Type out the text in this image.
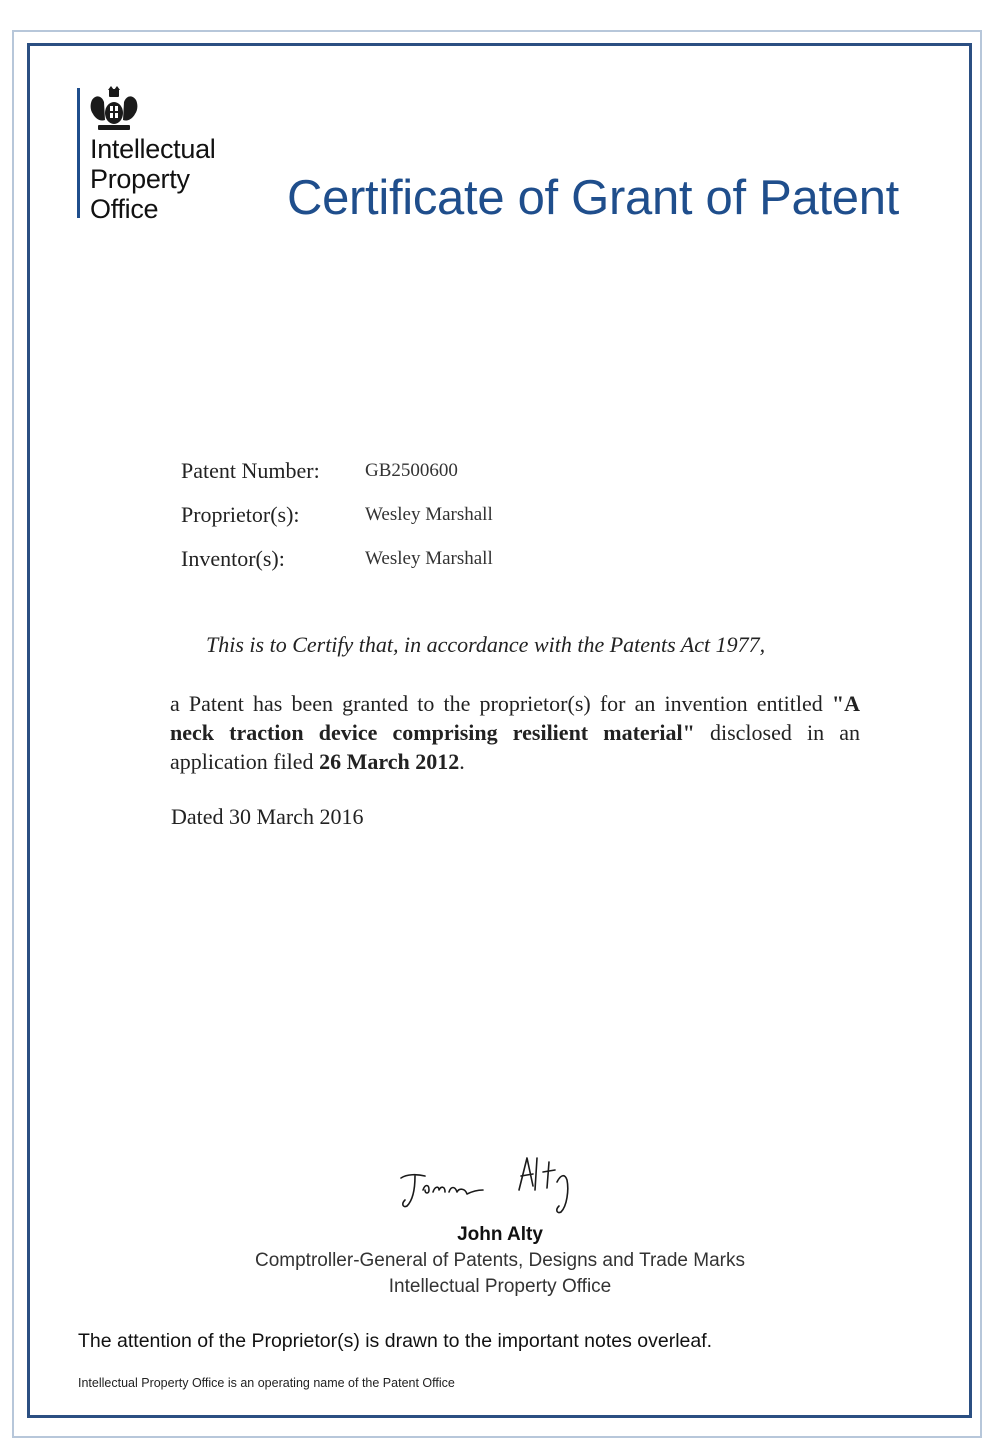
Intellectual
Property
Office	Certificate of Grant of Patent
Patent Number: GB2500600
Proprietor(s):	Wesley Marshall
Inventor(s):	Wesley Marshall
This is to Certify that, in accordance with the Patents Act 1977,
a Patent has been granted to the proprietor(s) for an invention entitled "A neck traction device comprising resilient material" disclosed in an application filed 26 March 2012.
Dated 30 March 2016
John Alty
Comptroller-General of Patents, Designs and Trade Marks
Intellectual Property Office
The attention of the Proprietor(s) is drawn to the important notes overleaf.
Intellectual Property Office is an operating name of the Patent Office
